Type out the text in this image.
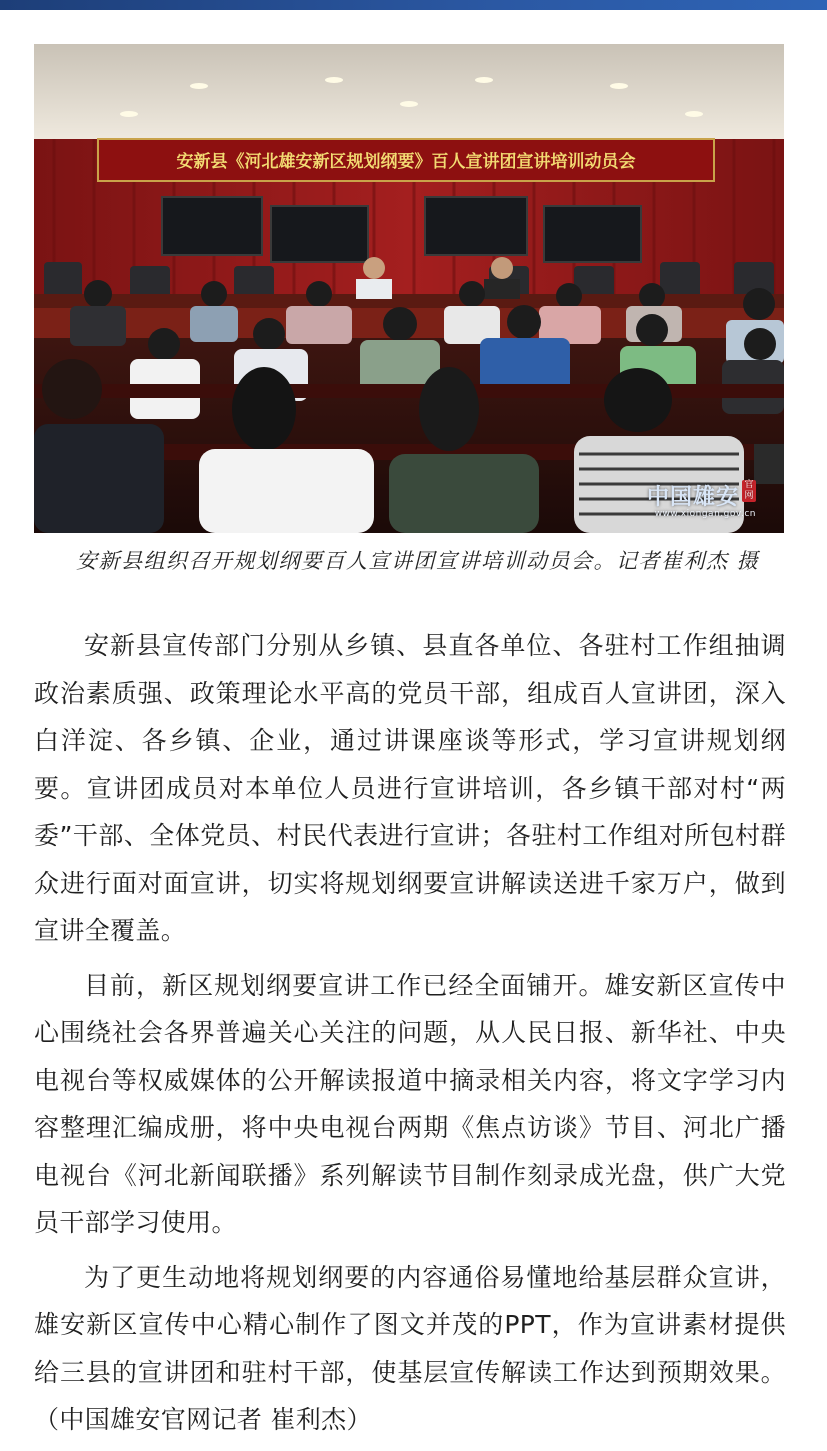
安新县《河北雄安新区规划纲要》百人宣讲团宣讲培训动员会
中国雄安 官网
www.xiongan.gov.cn
安新县组织召开规划纲要百人宣讲团宣讲培训动员会。记者崔利杰 摄

安新县宣传部门分别从乡镇、县直各单位、各驻村工作组抽调政治素质强、政策理论水平高的党员干部，组成百人宣讲团，深入白洋淀、各乡镇、企业，通过讲课座谈等形式，学习宣讲规划纲要。宣讲团成员对本单位人员进行宣讲培训，各乡镇干部对村“两委”干部、全体党员、村民代表进行宣讲；各驻村工作组对所包村群众进行面对面宣讲，切实将规划纲要宣讲解读送进千家万户，做到宣讲全覆盖。

目前，新区规划纲要宣讲工作已经全面铺开。雄安新区宣传中心围绕社会各界普遍关心关注的问题，从人民日报、新华社、中央电视台等权威媒体的公开解读报道中摘录相关内容，将文字学习内容整理汇编成册，将中央电视台两期《焦点访谈》节目、河北广播电视台《河北新闻联播》系列解读节目制作刻录成光盘，供广大党员干部学习使用。

为了更生动地将规划纲要的内容通俗易懂地给基层群众宣讲，雄安新区宣传中心精心制作了图文并茂的PPT，作为宣讲素材提供给三县的宣讲团和驻村干部，使基层宣传解读工作达到预期效果。（中国雄安官网记者 崔利杰）
